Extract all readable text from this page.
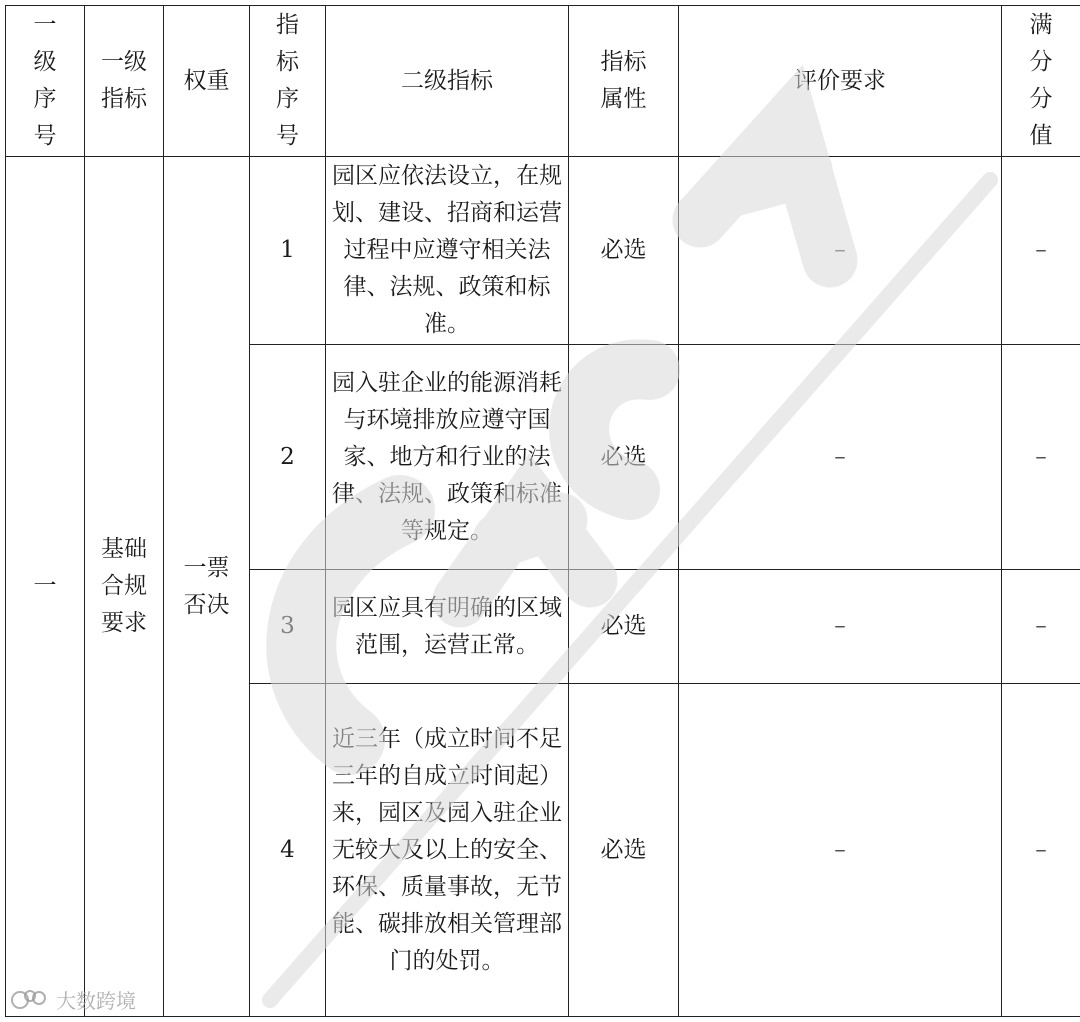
一级序号	一级指标	权重	指标序号	二级指标	指标属性	评价要求	满分分值
一	基础合规要求	一票否决	1	园区应依法设立，在规划、建设、招商和运营过程中应遵守相关法律、法规、政策和标准。	必选	–	–
			2	园入驻企业的能源消耗与环境排放应遵守国家、地方和行业的法律、法规、政策和标准等规定。	必选	–	–
			3	园区应具有明确的区域范围，运营正常。	必选	–	–
			4	近三年（成立时间不足三年的自成立时间起）来，园区及园入驻企业无较大及以上的安全、环保、质量事故，无节能、碳排放相关管理部门的处罚。	必选	–	–
大数跨境
